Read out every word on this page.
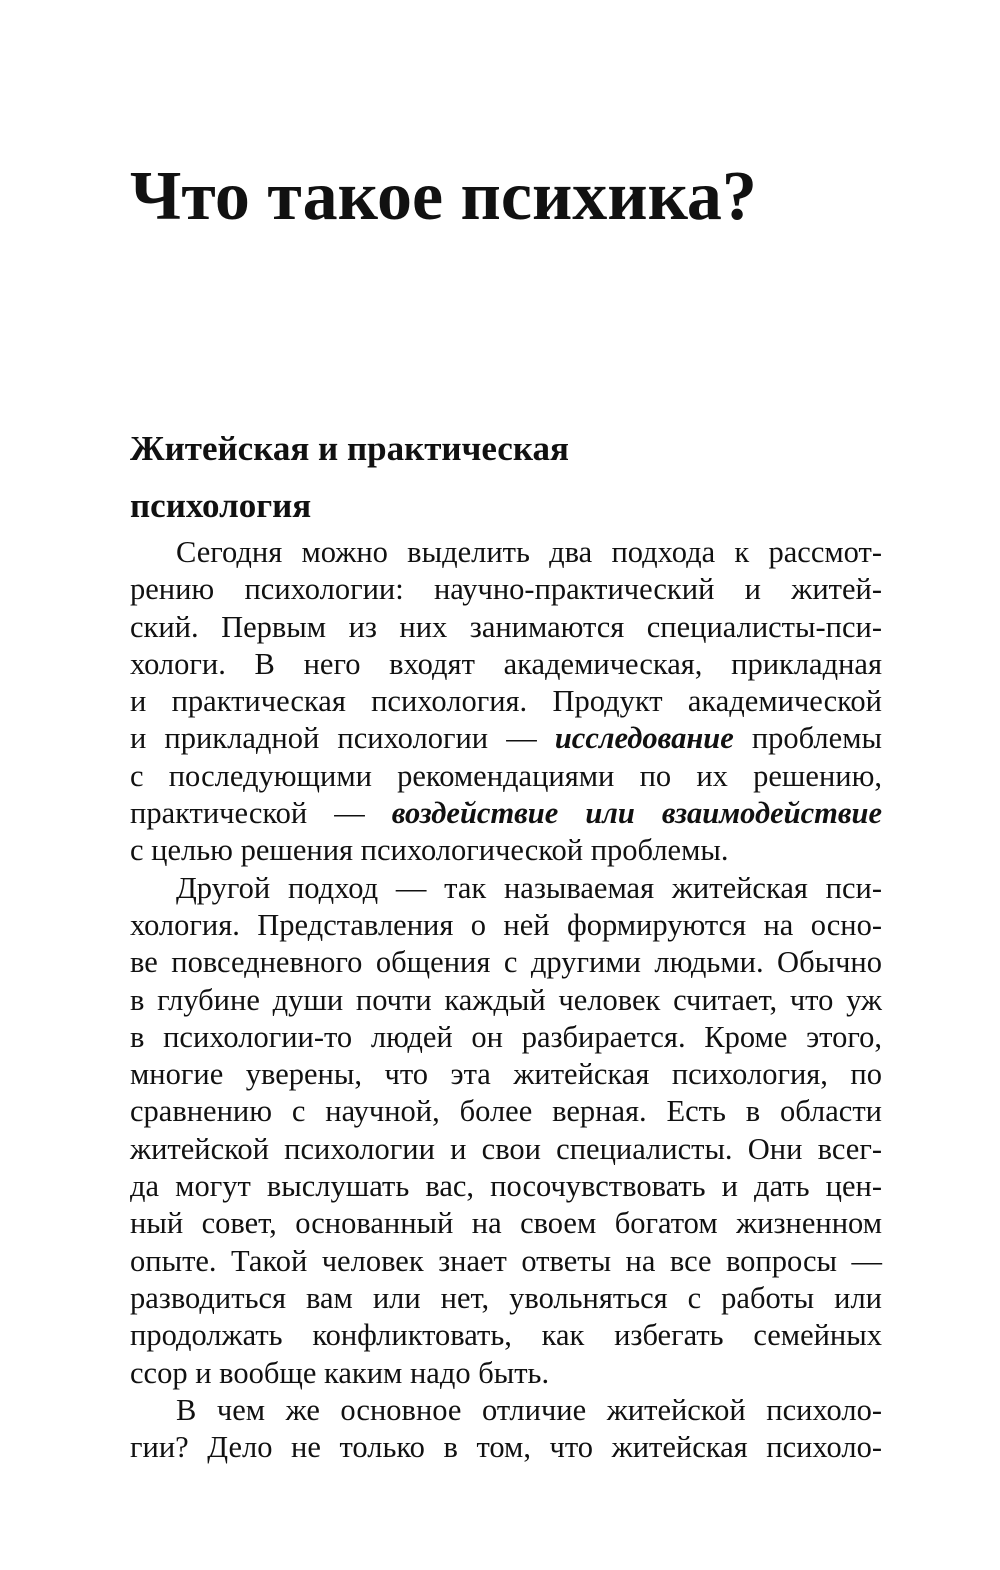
Что такое психика?
Житейская и практическая
психология
Сегодня можно выделить два подхода к рассмот-
рению психологии: научно-практический и житей-
ский. Первым из них занимаются специалисты-пси-
хологи. В него входят академическая, прикладная
и практическая психология. Продукт академической
и прикладной психологии — исследование проблемы
с последующими рекомендациями по их решению,
практической — воздействие или взаимодействие
с целью решения психологической проблемы.
Другой подход — так называемая житейская пси-
хология. Представления о ней формируются на осно-
ве повседневного общения с другими людьми. Обычно
в глубине души почти каждый человек считает, что уж
в психологии-то людей он разбирается. Кроме этого,
многие уверены, что эта житейская психология, по
сравнению с научной, более верная. Есть в области
житейской психологии и свои специалисты. Они всег-
да могут выслушать вас, посочувствовать и дать цен-
ный совет, основанный на своем богатом жизненном
опыте. Такой человек знает ответы на все вопросы —
разводиться вам или нет, увольняться с работы или
продолжать конфликтовать, как избегать семейных
ссор и вообще каким надо быть.
В чем же основное отличие житейской психоло-
гии? Дело не только в том, что житейская психоло-
